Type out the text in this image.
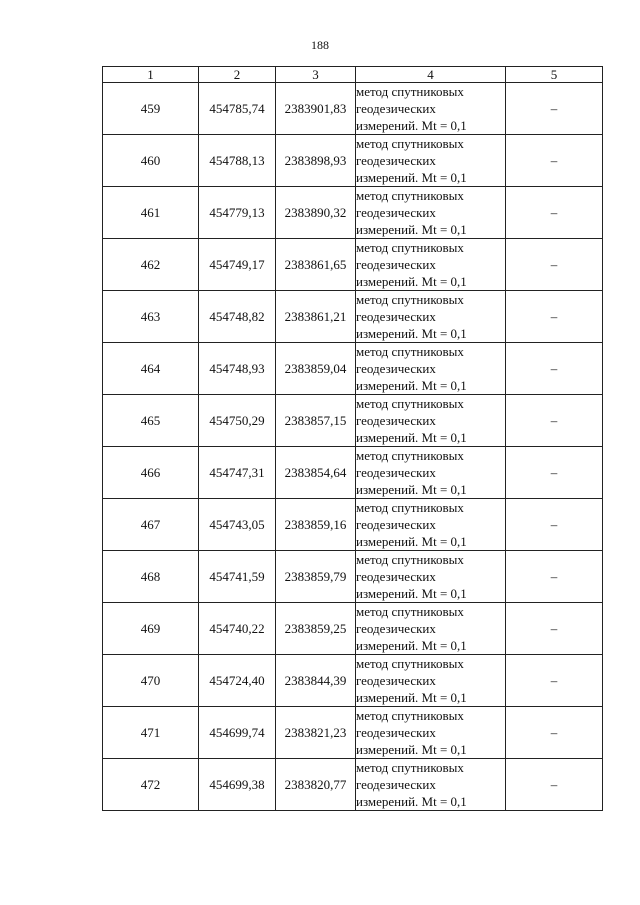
188
1	2	3	4	5
459	454785,74	2383901,83	метод спутниковых
геодезических
измерений. Mt = 0,1	–
460	454788,13	2383898,93	метод спутниковых
геодезических
измерений. Mt = 0,1	–
461	454779,13	2383890,32	метод спутниковых
геодезических
измерений. Mt = 0,1	–
462	454749,17	2383861,65	метод спутниковых
геодезических
измерений. Mt = 0,1	–
463	454748,82	2383861,21	метод спутниковых
геодезических
измерений. Mt = 0,1	–
464	454748,93	2383859,04	метод спутниковых
геодезических
измерений. Mt = 0,1	–
465	454750,29	2383857,15	метод спутниковых
геодезических
измерений. Mt = 0,1	–
466	454747,31	2383854,64	метод спутниковых
геодезических
измерений. Mt = 0,1	–
467	454743,05	2383859,16	метод спутниковых
геодезических
измерений. Mt = 0,1	–
468	454741,59	2383859,79	метод спутниковых
геодезических
измерений. Mt = 0,1	–
469	454740,22	2383859,25	метод спутниковых
геодезических
измерений. Mt = 0,1	–
470	454724,40	2383844,39	метод спутниковых
геодезических
измерений. Mt = 0,1	–
471	454699,74	2383821,23	метод спутниковых
геодезических
измерений. Mt = 0,1	–
472	454699,38	2383820,77	метод спутниковых
геодезических
измерений. Mt = 0,1	–
